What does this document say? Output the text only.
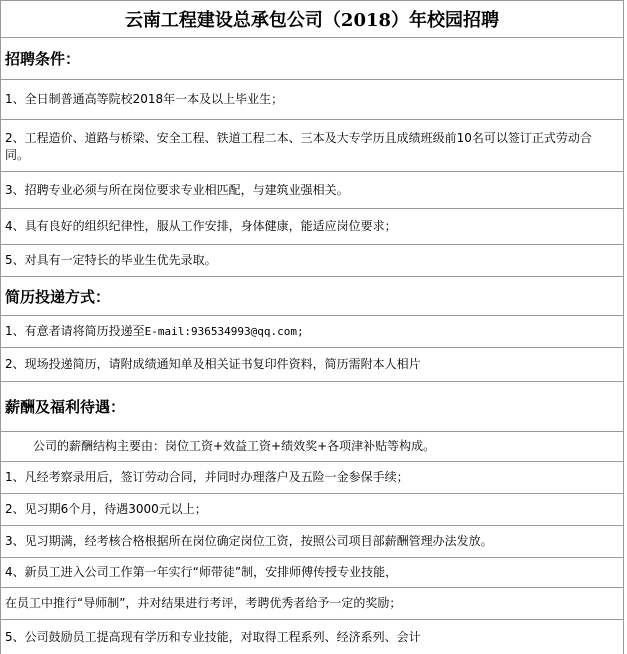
云南工程建设总承包公司（2018）年校园招聘
招聘条件：
1、全日制普通高等院校2018年一本及以上毕业生；
2、工程造价、道路与桥梁、安全工程、铁道工程二本、三本及大专学历且成绩班级前10名可以签订正式劳动合同。
3、招聘专业必须与所在岗位要求专业相匹配，与建筑业强相关。
4、具有良好的组织纪律性，服从工作安排，身体健康，能适应岗位要求；
5、对具有一定特长的毕业生优先录取。
简历投递方式：
1、有意者请将简历投递至 E-mail:936534993@qq.com;
2、现场投递简历，请附成绩通知单及相关证书复印件资料，简历需附本人相片
薪酬及福利待遇：
公司的薪酬结构主要由：岗位工资+效益工资+绩效奖+各项津补贴等构成。
1、凡经考察录用后，签订劳动合同，并同时办理落户及五险一金参保手续；
2、见习期6个月，待遇3000元以上；
3、见习期满，经考核合格根据所在岗位确定岗位工资，按照公司项目部薪酬管理办法发放。
4、新员工进入公司工作第一年实行“师带徒”制，安排师傅传授专业技能，
在员工中推行“导师制”，并对结果进行考评，考聘优秀者给予一定的奖励；
5、公司鼓励员工提高现有学历和专业技能，对取得工程系列、经济系列、会计
